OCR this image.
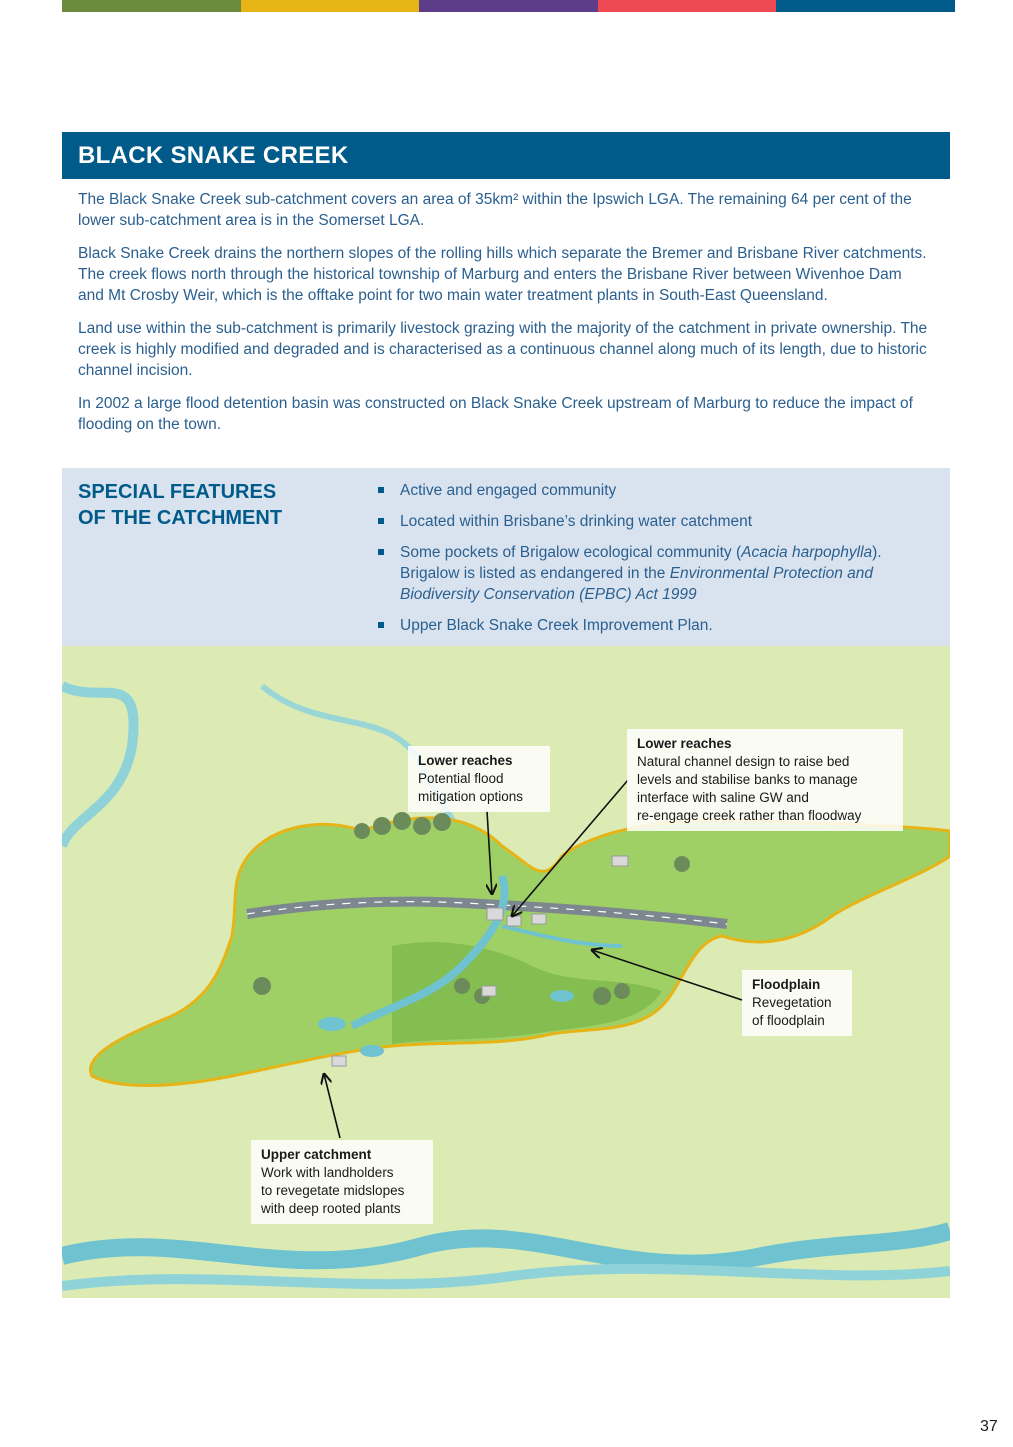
BLACK SNAKE CREEK

The Black Snake Creek sub-catchment covers an area of 35km² within the Ipswich LGA. The remaining 64 per cent of the lower sub-catchment area is in the Somerset LGA.

Black Snake Creek drains the northern slopes of the rolling hills which separate the Bremer and Brisbane River catchments. The creek flows north through the historical township of Marburg and enters the Brisbane River between Wivenhoe Dam and Mt Crosby Weir, which is the offtake point for two main water treatment plants in South-East Queensland.

Land use within the sub-catchment is primarily livestock grazing with the majority of the catchment in private ownership. The creek is highly modified and degraded and is characterised as a continuous channel along much of its length, due to historic channel incision.

In 2002 a large flood detention basin was constructed on Black Snake Creek upstream of Marburg to reduce the impact of flooding on the town.

SPECIAL FEATURES
OF THE CATCHMENT
Active and engaged community
Located within Brisbane’s drinking water catchment
Some pockets of Brigalow ecological community (Acacia harpophylla). Brigalow is listed as endangered in the Environmental Protection and Biodiversity Conservation (EPBC) Act 1999
Upper Black Snake Creek Improvement Plan.
Lower reaches
Potential flood
mitigation options
Lower reaches
Natural channel design to raise bed
levels and stabilise banks to manage
interface with saline GW and
re-engage creek rather than floodway
Floodplain
Revegetation
of floodplain
Upper catchment
Work with landholders
to revegetate midslopes
with deep rooted plants
37
